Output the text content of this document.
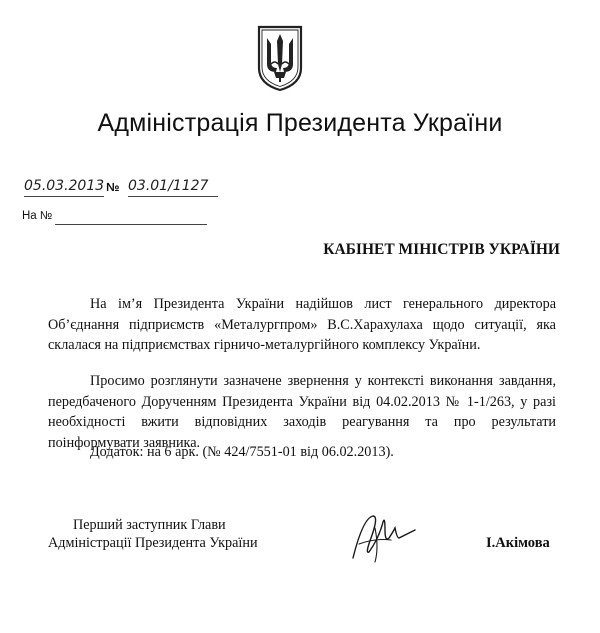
Адміністрація Президента України
05.03.2013 № 03.01/1127
На №
КАБІНЕТ МІНІСТРІВ УКРАЇНИ

На ім’я Президента України надійшов лист генерального директора Об’єднання підприємств «Металургпром» В.С.Харахулаха щодо ситуації, яка склалася на підприємствах гірничо-металургійного комплексу України.

Просимо розглянути зазначене звернення у контексті виконання завдання, передбаченого Дорученням Президента України від 04.02.2013 № 1-1/263, у разі необхідності вжити відповідних заходів реагування та про результати поінформувати заявника.

Додаток: на 6 арк. (№ 424/7551-01 від 06.02.2013).

Перший заступник Глави
Адміністрації Президента України	І.Акімова
